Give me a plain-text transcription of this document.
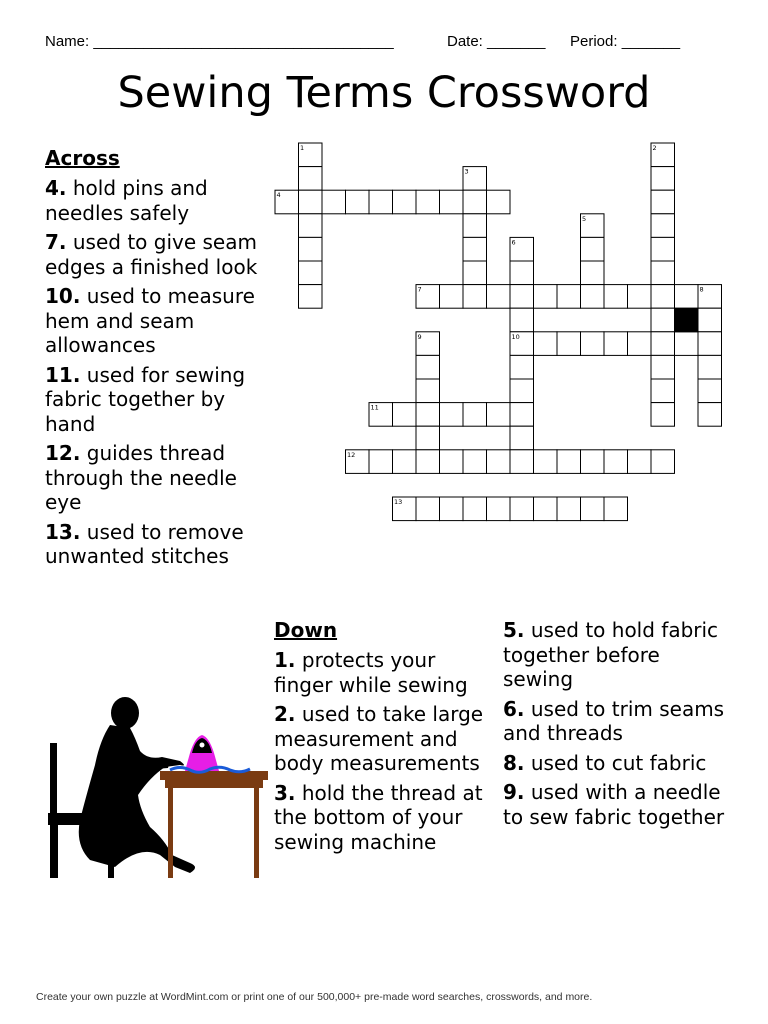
Name: ____________________________________	Date: _______ Period: _______
Sewing Terms Crossword
Across
4. hold pins and needles safely
7. used to give seam edges a finished look
10. used to measure hem and seam allowances
11. used for sewing fabric together by hand
12. guides thread through the needle eye
13. used to remove unwanted stitches
Down
1. protects your finger while sewing
2. used to take large measurement and body measurements
3. hold the thread at the bottom of your sewing machine
5. used to hold fabric together before sewing
6. used to trim seams and threads
8. used to cut fabric
9. used with a needle to sew fabric together
1	2
3
4
5
6
7	8
9	10
11
12
13
Create your own puzzle at WordMint.com or print one of our 500,000+ pre-made word searches, crosswords, and more.
